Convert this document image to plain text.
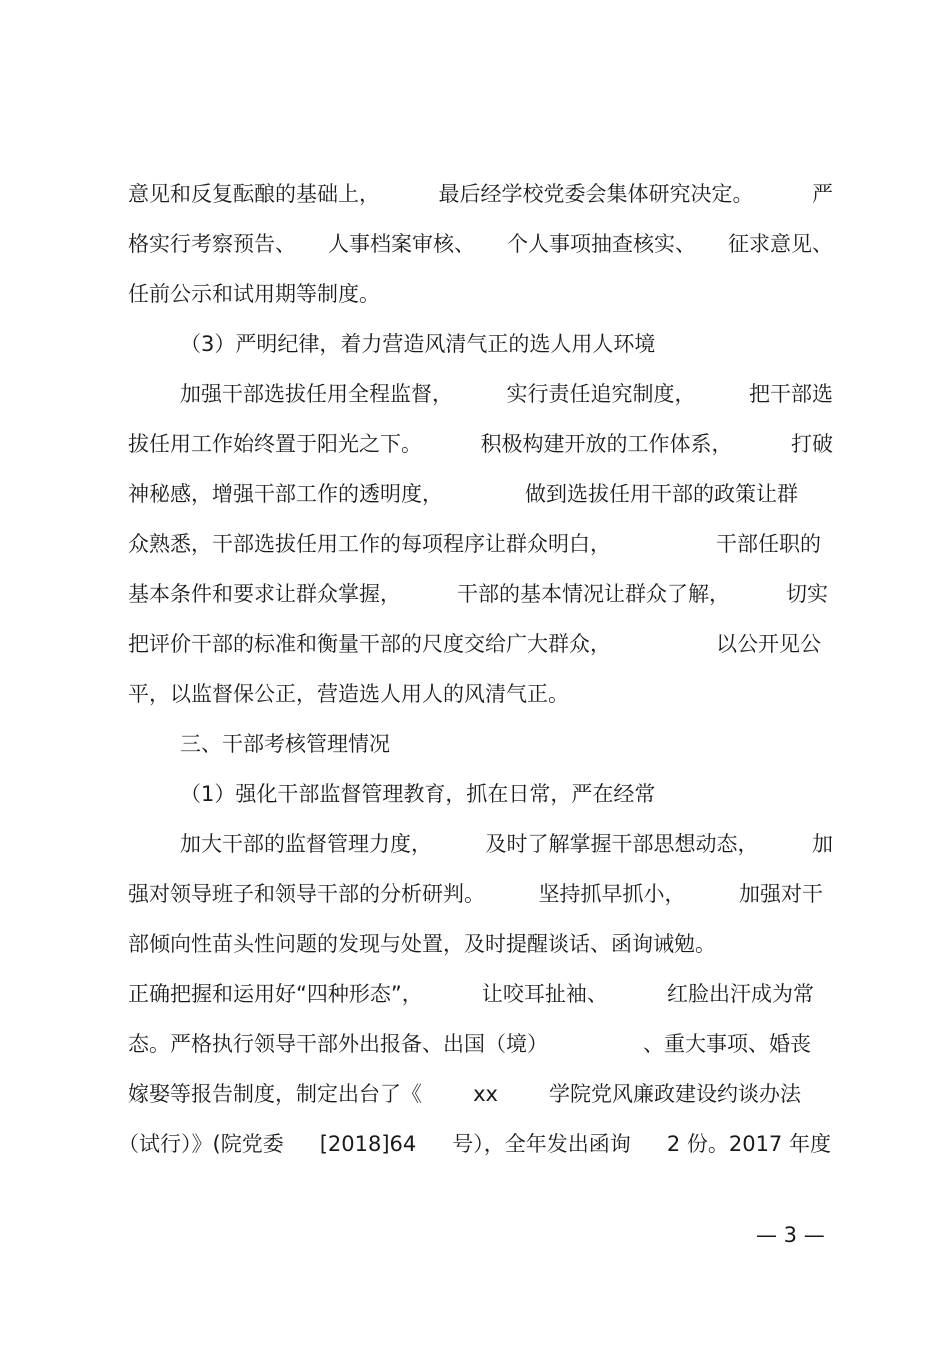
意见和反复酝酿的基础上，	最后经学校党委会集体研究决定。	严
格实行考察预告、 人事档案审核、 个人事项抽查核实、 征求意见、
任前公示和试用期等制度。
（3）严明纪律，着力营造风清气正的选人用人环境
加强干部选拔任用全程监督，	实行责任追究制度，	把干部选
拔任用工作始终置于阳光之下。	积极构建开放的工作体系，	打破
神秘感，增强干部工作的透明度，	做到选拔任用干部的政策让群
众熟悉，干部选拔任用工作的每项程序让群众明白，	干部任职的
基本条件和要求让群众掌握，	干部的基本情况让群众了解，	切实
把评价干部的标准和衡量干部的尺度交给广大群众，	以公开见公
平，以监督保公正，营造选人用人的风清气正。
三、干部考核管理情况
（1）强化干部监督管理教育，抓在日常，严在经常
加大干部的监督管理力度，	及时了解掌握干部思想动态，	加
强对领导班子和领导干部的分析研判。	坚持抓早抓小，	加强对干
部倾向性苗头性问题的发现与处置，及时提醒谈话、函询诫勉。
正确把握和运用好“四种形态”，	让咬耳扯袖、	红脸出汗成为常
态。严格执行领导干部外出报备、出国（境）	、重大事项、婚丧
嫁娶等报告制度，制定出台了《 xx 学院党风廉政建设约谈办法
（试行）》(院党委 [2018]64 号），全年发出函询 2 份。2017 年度
— 3 —
